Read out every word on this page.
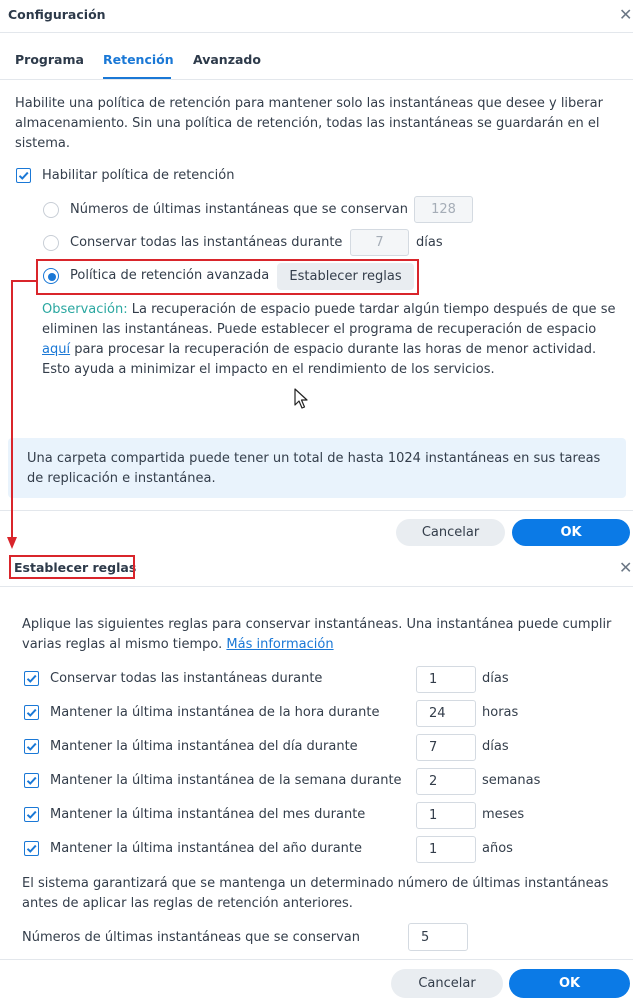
Configuración	✕
Programa Retención Avanzado
Habilite una política de retención para mantener solo las instantáneas que desee y liberar almacenamiento. Sin una política de retención, todas las instantáneas se guardarán en el sistema.
Habilitar política de retención
Números de últimas instantáneas que se conservan	128
Conservar todas las instantáneas durante	7	días
Política de retención avanzada	Establecer reglas
Observación: La recuperación de espacio puede tardar algún tiempo después de que se eliminen las instantáneas. Puede establecer el programa de recuperación de espacio aquí para procesar la recuperación de espacio durante las horas de menor actividad. Esto ayuda a minimizar el impacto en el rendimiento de los servicios.
Una carpeta compartida puede tener un total de hasta 1024 instantáneas en sus tareas de replicación e instantánea.
Cancelar	OK
Establecer reglas	✕
Aplique las siguientes reglas para conservar instantáneas. Una instantánea puede cumplir varias reglas al mismo tiempo. Más información
Conservar todas las instantáneas durante	1	días
Mantener la última instantánea de la hora durante	24	horas
Mantener la última instantánea del día durante	7	días
Mantener la última instantánea de la semana durante	2	semanas
Mantener la última instantánea del mes durante	1	meses
Mantener la última instantánea del año durante	1	años
El sistema garantizará que se mantenga un determinado número de últimas instantáneas antes de aplicar las reglas de retención anteriores.
Números de últimas instantáneas que se conservan	5
Cancelar	OK
